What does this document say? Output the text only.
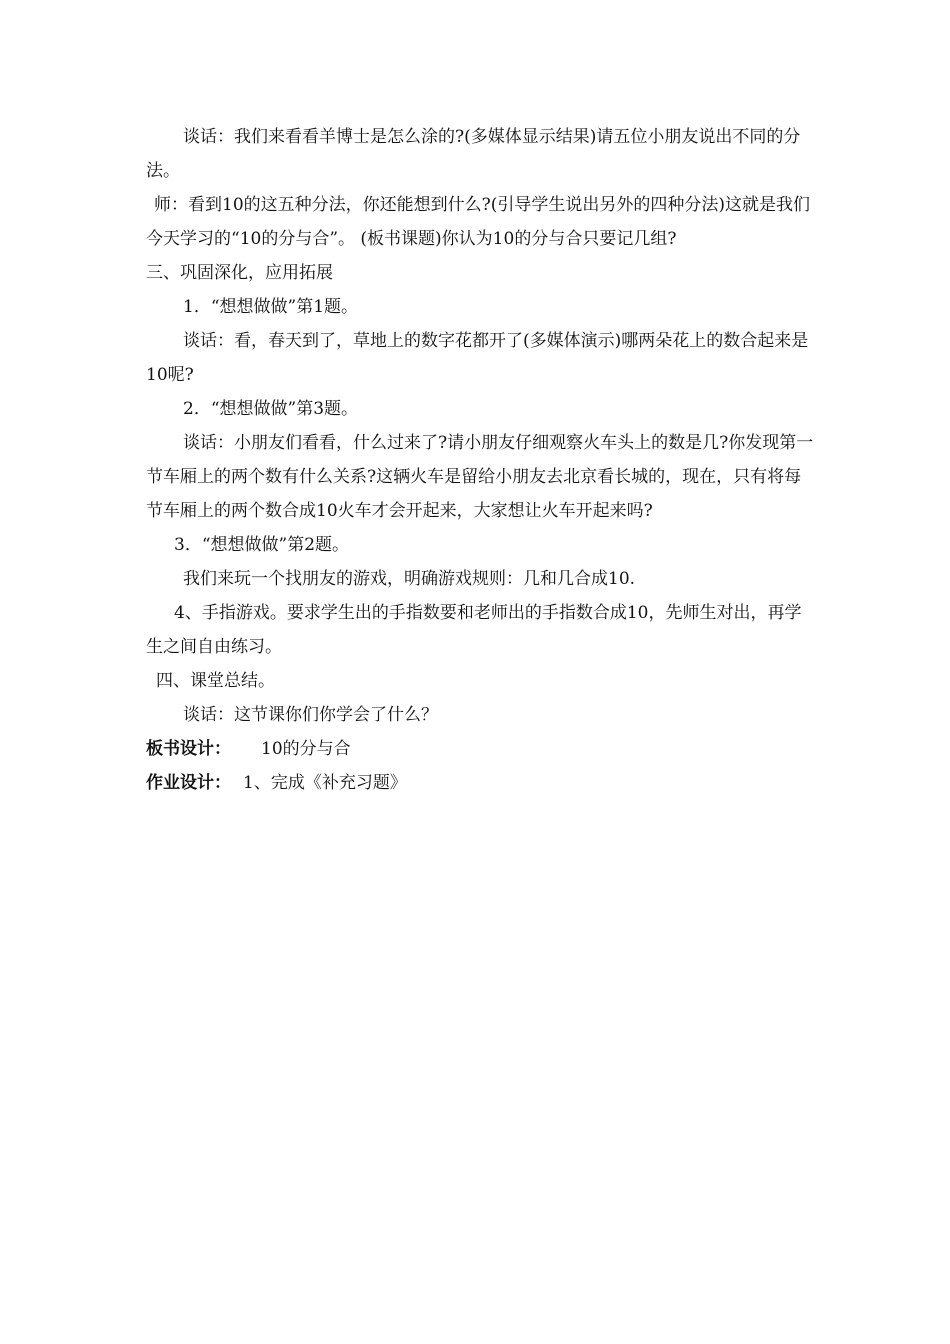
谈话：我们来看看羊博士是怎么涂的?(多媒体显示结果)请五位小朋友说出不同的分法。

师：看到10的这五种分法，你还能想到什么?(引导学生说出另外的四种分法)这就是我们今天学习的“10的分与合”。 (板书课题)你认为10的分与合只要记几组?

三、巩固深化，应用拓展

1．“想想做做”第1题。

谈话：看，春天到了，草地上的数字花都开了(多媒体演示)哪两朵花上的数合起来是10呢?

2．“想想做做”第3题。

谈话：小朋友们看看，什么过来了?请小朋友仔细观察火车头上的数是几?你发现第一节车厢上的两个数有什么关系?这辆火车是留给小朋友去北京看长城的，现在，只有将每节车厢上的两个数合成10火车才会开起来，大家想让火车开起来吗?

3．“想想做做”第2题。

我们来玩一个找朋友的游戏，明确游戏规则：几和几合成10.

4、手指游戏。要求学生出的手指数要和老师出的手指数合成10，先师生对出，再学生之间自由练习。

四、课堂总结。

谈话：这节课你们你学会了什么？

板书设计： 10的分与合
作业设计： 1、完成《补充习题》
